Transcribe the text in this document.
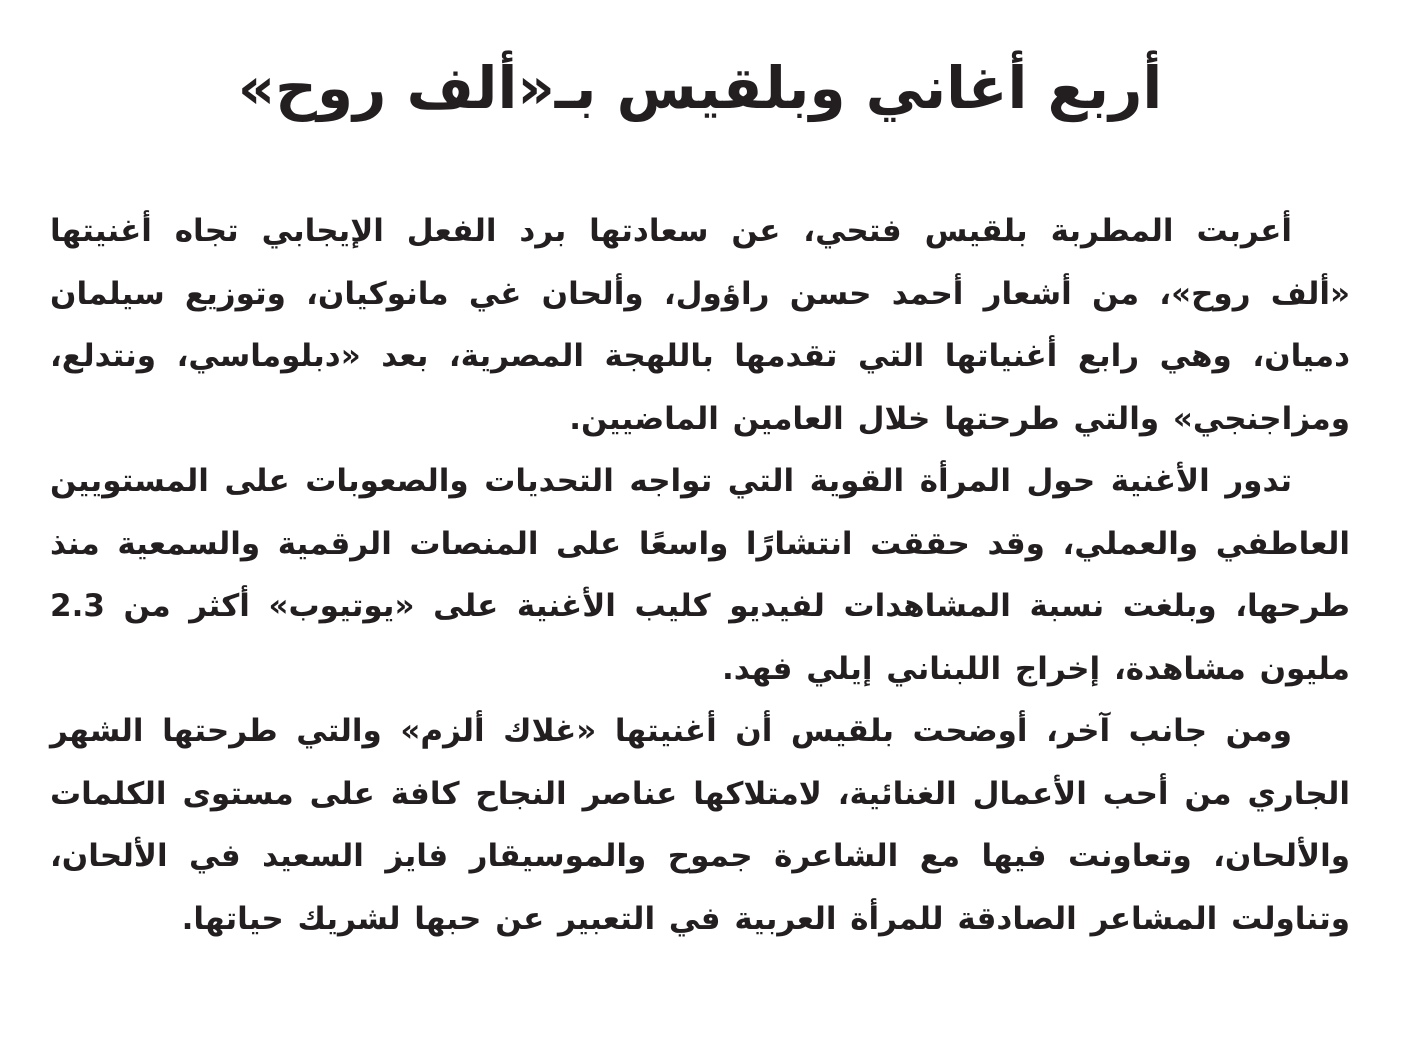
أربع أغاني وبلقيس بـ«ألف روح»

أعربت المطربة بلقيس فتحي، عن سعادتها برد الفعل الإيجابي تجاه أغنيتها «ألف روح»، من أشعار أحمد حسن راؤول، وألحان غي مانوكيان، وتوزيع سيلمان دميان، وهي رابع أغنياتها التي تقدمها باللهجة المصرية، بعد «دبلوماسي، ونتدلع، ومزاجنجي» والتي طرحتها خلال العامين الماضيين.

تدور الأغنية حول المرأة القوية التي تواجه التحديات والصعوبات على المستويين العاطفي والعملي، وقد حققت انتشارًا واسعًا على المنصات الرقمية والسمعية منذ طرحها، وبلغت نسبة المشاهدات لفيديو كليب الأغنية على «يوتيوب» أكثر من 2.3 مليون مشاهدة، إخراج اللبناني إيلي فهد.

ومن جانب آخر، أوضحت بلقيس أن أغنيتها «غلاك ألزم» والتي طرحتها الشهر الجاري من أحب الأعمال الغنائية، لامتلاكها عناصر النجاح كافة على مستوى الكلمات والألحان، وتعاونت فيها مع الشاعرة جموح والموسيقار فايز السعيد في الألحان، وتناولت المشاعر الصادقة للمرأة العربية في التعبير عن حبها لشريك حياتها.
